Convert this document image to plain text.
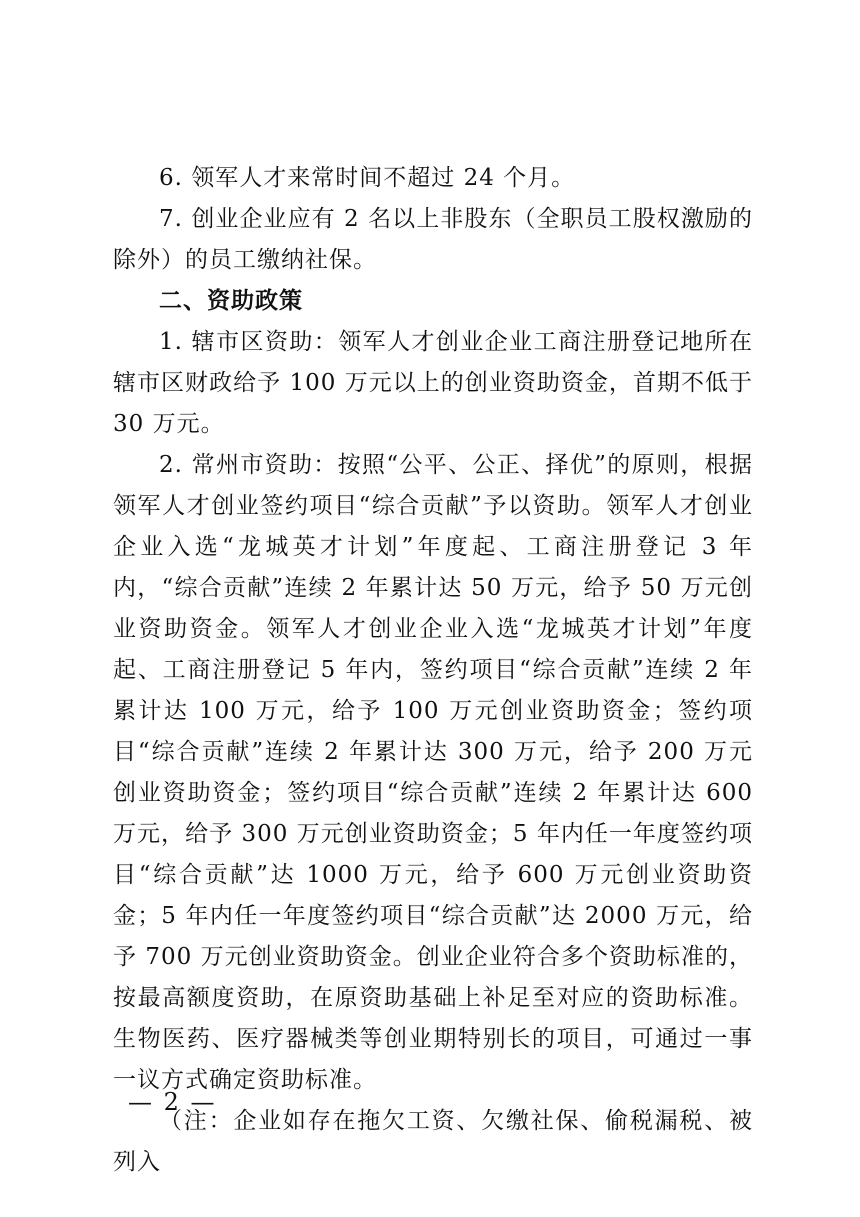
6. 领军人才来常时间不超过 24 个月。

7. 创业企业应有 2 名以上非股东（全职员工股权激励的除外）的员工缴纳社保。

二、资助政策

1. 辖市区资助：领军人才创业企业工商注册登记地所在辖市区财政给予 100 万元以上的创业资助资金，首期不低于 30 万元。

2. 常州市资助：按照“公平、公正、择优”的原则，根据领军人才创业签约项目“综合贡献”予以资助。领军人才创业企业入选“龙城英才计划”年度起、工商注册登记 3 年内，“综合贡献”连续 2 年累计达 50 万元，给予 50 万元创业资助资金。领军人才创业企业入选“龙城英才计划”年度起、工商注册登记 5 年内，签约项目“综合贡献”连续 2 年累计达 100 万元，给予 100 万元创业资助资金；签约项目“综合贡献”连续 2 年累计达 300 万元，给予 200 万元创业资助资金；签约项目“综合贡献”连续 2 年累计达 600 万元，给予 300 万元创业资助资金；5 年内任一年度签约项目“综合贡献”达 1000 万元，给予 600 万元创业资助资金；5 年内任一年度签约项目“综合贡献”达 2000 万元，给予 700 万元创业资助资金。创业企业符合多个资助标准的，按最高额度资助，在原资助基础上补足至对应的资助标准。生物医药、医疗器械类等创业期特别长的项目，可通过一事一议方式确定资助标准。

（注：企业如存在拖欠工资、欠缴社保、偷税漏税、被列入

— 2 —
